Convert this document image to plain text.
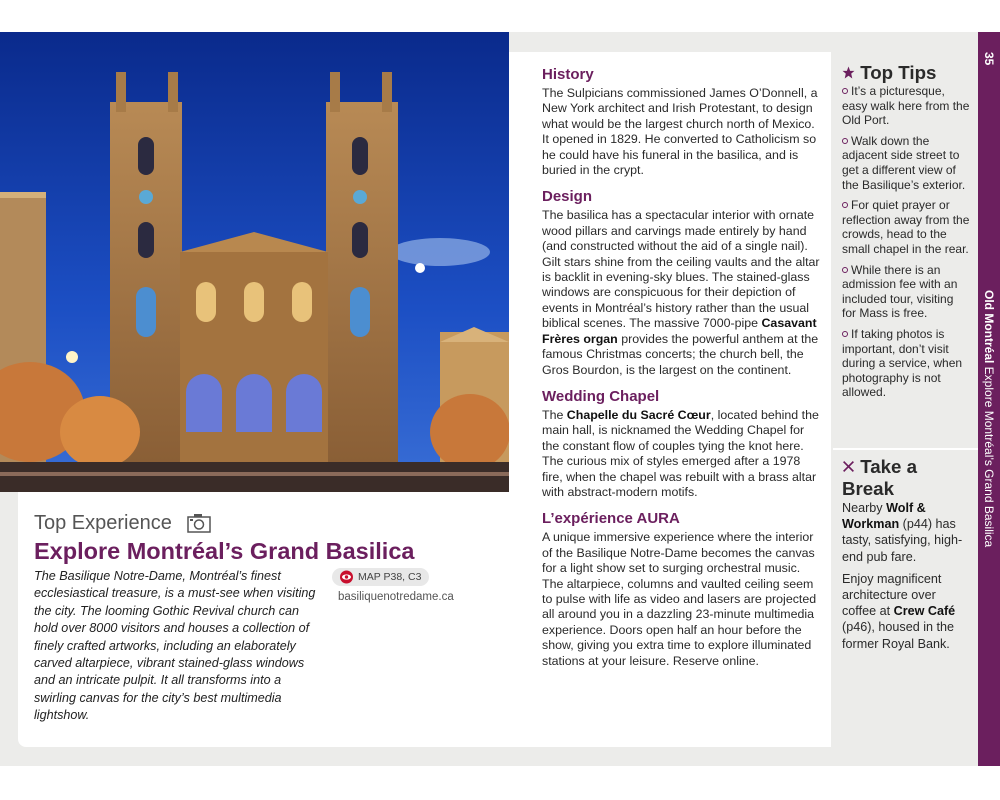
Top Experience
Explore Montréal’s Grand Basilica
The Basilique Notre-Dame, Montréal’s finest ecclesiastical treasure, is a must-see when visiting the city. The looming Gothic Revival church can hold over 8000 visitors and houses a collection of finely crafted artworks, including an elaborately carved altarpiece, vibrant stained-glass windows and an intricate pulpit. It all transforms into a swirling canvas for the city’s best multimedia lightshow.
MAP P38, C3
basiliquenotredame.ca
History

The Sulpicians commissioned James O’Donnell, a New York architect and Irish Protestant, to design what would be the largest church north of Mexico. It opened in 1829. He converted to Catholicism so he could have his funeral in the basilica, and is buried in the crypt.

Design

The basilica has a spectacular interior with ornate wood pillars and carvings made entirely by hand (and constructed without the aid of a single nail). Gilt stars shine from the ceiling vaults and the altar is backlit in evening-sky blues. The stained-glass windows are conspicuous for their depiction of events in Montréal’s history rather than the usual biblical scenes. The massive 7000-pipe Casavant Frères organ provides the powerful anthem at the famous Christmas concerts; the church bell, the Gros Bourdon, is the largest on the continent.

Wedding Chapel

The Chapelle du Sacré Cœur, located behind the main hall, is nicknamed the Wedding Chapel for the constant flow of couples tying the knot here. The curious mix of styles emerged after a 1978 fire, when the chapel was rebuilt with a brass altar with abstract-modern motifs.

L’expérience AURA

A unique immersive experience where the interior of the Basilique Notre-Dame becomes the canvas for a light show set to surging orchestral music. The altarpiece, columns and vaulted ceiling seem to pulse with life as video and lasers are projected all around you in a dazzling 23-minute multimedia experience. Doors open half an hour before the show, giving you extra time to explore illuminated stations at your leisure. Reserve online.

Top Tips
It’s a picturesque, easy walk here from the Old Port.
Walk down the adjacent side street to get a different view of the Basilique’s exterior.
For quiet prayer or reflection away from the crowds, head to the small chapel in the rear.
While there is an admission fee with an included tour, visiting for Mass is free.
If taking photos is important, don’t visit during a service, when photography is not allowed.
Take a Break
Nearby Wolf & Workman (p44) has tasty, satisfying, high-end pub fare.
Enjoy magnificent architecture over coffee at Crew Café (p46), housed in the former Royal Bank.
35
Old Montréal Explore Montréal’s Grand Basilica
